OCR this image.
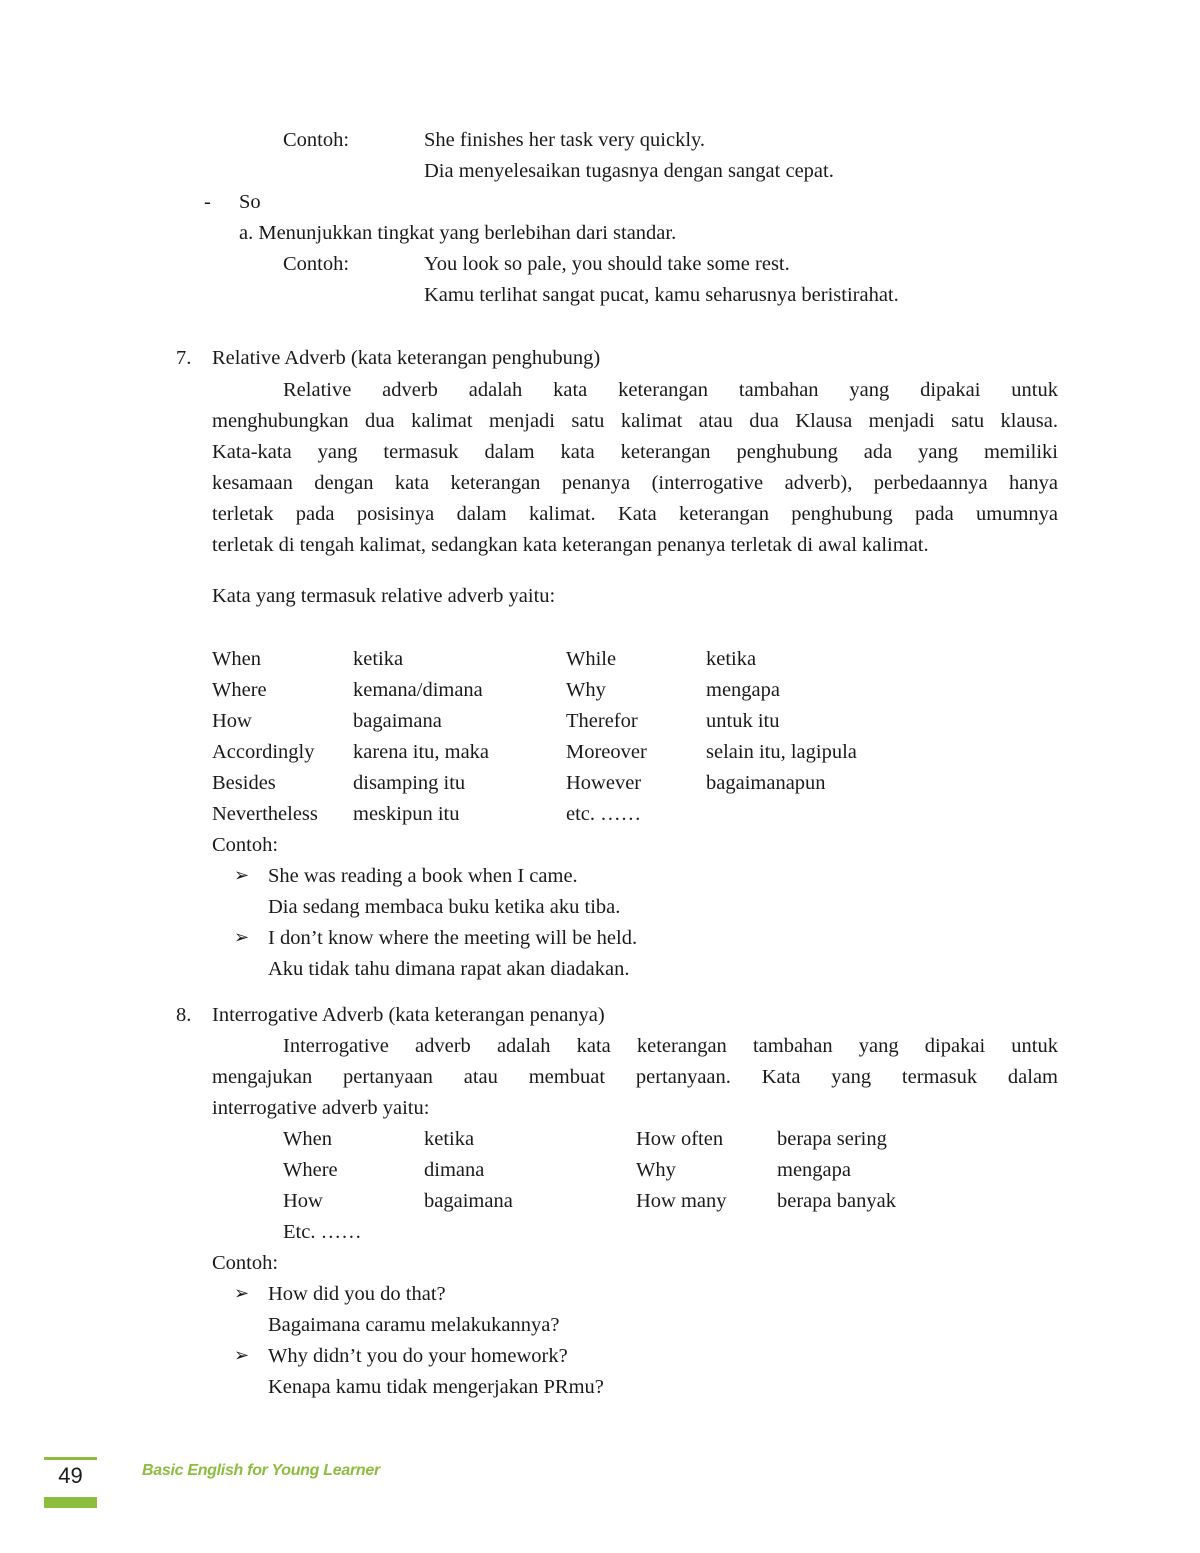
Contoh:	She finishes her task very quickly.
Dia menyelesaikan tugasnya dengan sangat cepat.
- So
a. Menunjukkan tingkat yang berlebihan dari standar.
Contoh:	You look so pale, you should take some rest.
Kamu terlihat sangat pucat, kamu seharusnya beristirahat.
7. Relative Adverb (kata keterangan penghubung)
Relative adverb adalah kata keterangan tambahan yang dipakai untuk
menghubungkan dua kalimat menjadi satu kalimat atau dua Klausa menjadi satu klausa.
Kata-kata yang termasuk dalam kata keterangan penghubung ada yang memiliki
kesamaan dengan kata keterangan penanya (interrogative adverb), perbedaannya hanya
terletak pada posisinya dalam kalimat. Kata keterangan penghubung pada umumnya
terletak di tengah kalimat, sedangkan kata keterangan penanya terletak di awal kalimat.
Kata yang termasuk relative adverb yaitu:
When	ketika	While	ketika
Where	kemana/dimana	Why	mengapa
How	bagaimana	Therefor	untuk itu
Accordingly karena itu, maka	Moreover	selain itu, lagipula
Besides	disamping itu	However	bagaimanapun
Nevertheless meskipun itu	etc. ……
Contoh:
➢ She was reading a book when I came.
Dia sedang membaca buku ketika aku tiba.
➢ I don’t know where the meeting will be held.
Aku tidak tahu dimana rapat akan diadakan.
8. Interrogative Adverb (kata keterangan penanya)
Interrogative adverb adalah kata keterangan tambahan yang dipakai untuk
mengajukan pertanyaan atau membuat pertanyaan. Kata yang termasuk dalam
interrogative adverb yaitu:
When	ketika	How often	berapa sering
Where	dimana	Why	mengapa
How	bagaimana	How many berapa banyak
Etc. ……
Contoh:
➢ How did you do that?
Bagaimana caramu melakukannya?
➢ Why didn’t you do your homework?
Kenapa kamu tidak mengerjakan PRmu?
49	Basic English for Young Learner
